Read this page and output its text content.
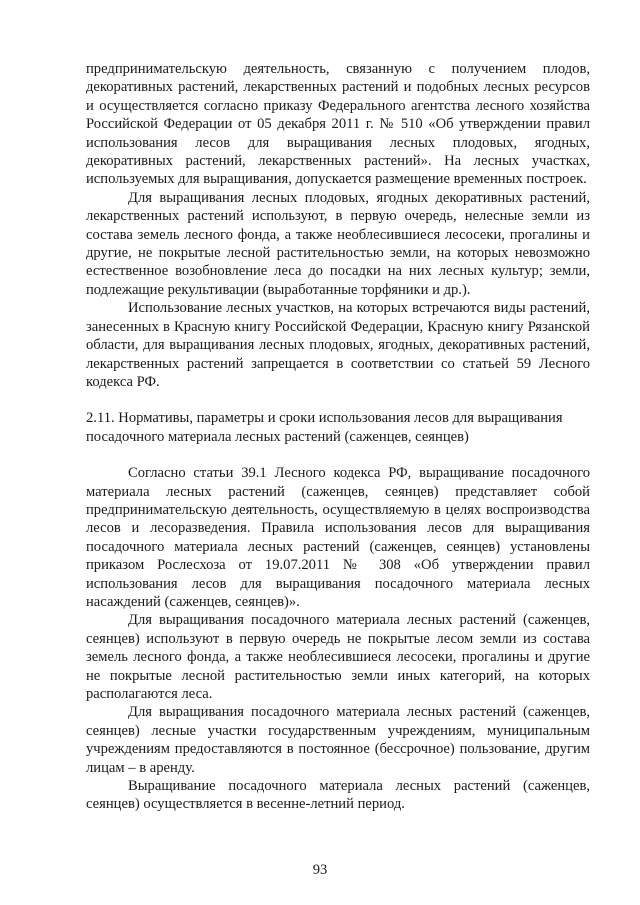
предпринимательскую деятельность, связанную с получением плодов, декоративных растений, лекарственных растений и подобных лесных ресурсов и осуществляется согласно приказу Федерального агентства лесного хозяйства Российской Федерации от 05 декабря 2011 г. № 510 «Об утверждении правил использования лесов для выращивания лесных плодовых, ягодных, декоративных растений, лекарственных растений». На лесных участках, используемых для выращивания, допускается размещение временных построек.

Для выращивания лесных плодовых, ягодных декоративных растений, лекарственных растений используют, в первую очередь, нелесные земли из состава земель лесного фонда, а также необлесившиеся лесосеки, прогалины и другие, не покрытые лесной растительностью земли, на которых невозможно естественное возобновление леса до посадки на них лесных культур; земли, подлежащие рекультивации (выработанные торфяники и др.).

Использование лесных участков, на которых встречаются виды растений, занесенных в Красную книгу Российской Федерации, Красную книгу Рязанской области, для выращивания лесных плодовых, ягодных, декоративных растений, лекарственных растений запрещается в соответствии со статьей 59 Лесного кодекса РФ.

2.11. Нормативы, параметры и сроки использования лесов для выращивания посадочного материала лесных растений (саженцев, сеянцев)

Согласно статьи 39.1 Лесного кодекса РФ, выращивание посадочного материала лесных растений (саженцев, сеянцев) представляет собой предпринимательскую деятельность, осуществляемую в целях воспроизводства лесов и лесоразведения. Правила использования лесов для выращивания посадочного материала лесных растений (саженцев, сеянцев) установлены приказом Рослесхоза от 19.07.2011 № 308 «Об утверждении правил использования лесов для выращивания посадочного материала лесных насаждений (саженцев, сеянцев)».

Для выращивания посадочного материала лесных растений (саженцев, сеянцев) используют в первую очередь не покрытые лесом земли из состава земель лесного фонда, а также необлесившиеся лесосеки, прогалины и другие не покрытые лесной растительностью земли иных категорий, на которых располагаются леса.

Для выращивания посадочного материала лесных растений (саженцев, сеянцев) лесные участки государственным учреждениям, муниципальным учреждениям предоставляются в постоянное (бессрочное) пользование, другим лицам – в аренду.

Выращивание посадочного материала лесных растений (саженцев, сеянцев) осуществляется в весенне-летний период.

93
